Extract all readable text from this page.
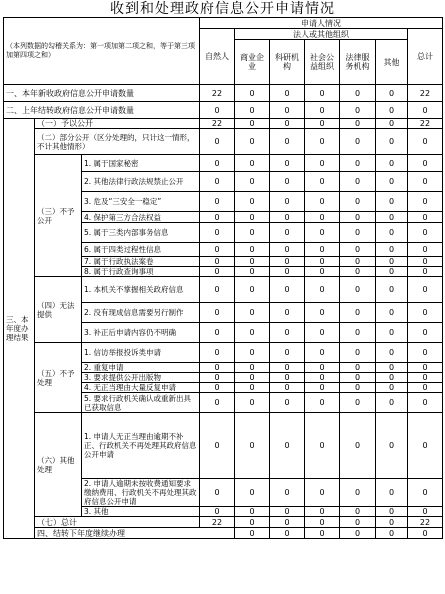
收到和处理政府信息公开申请情况
（本列数据的勾稽关系为：第一项加第二项之和，等于第三项加第四项之和）			申请人情况							
			自然人	法人或其他组织					总计	
				商业企业	科研机构	社会公益组织	法律服务机构	其他		
一、本年新收政府信息公开申请数量			22	0	0	0	0	0	22	
二、上年结转政府信息公开申请数量			0	0	0	0	0	0	0	
三、本年度办理结果	（一）予以公开		22	0	0	0	0	0	22	
	（二）部分公开（区分处理的，只计这一情形，不计其他情形）		0	0	0	0	0	0	0	
	（三）不予公开	1. 属于国家秘密	0	0	0	0	0	0	0	
		2. 其他法律行政法规禁止公开	0	0	0	0	0	0	0	
		3. 危及“三安全一稳定”	0	0	0	0	0	0	0	
		4. 保护第三方合法权益	0	0	0	0	0	0	0	
		5. 属于三类内部事务信息	0	0	0	0	0	0	0	
		6. 属于四类过程性信息	0	0	0	0	0	0	0	
		7. 属于行政执法案卷	0	0	0	0	0	0	0	
		8. 属于行政查询事项	0	0	0	0	0	0	0	
	（四）无法提供	1. 本机关不掌握相关政府信息	0	0	0	0	0	0	0	
		2. 没有现成信息需要另行制作	0	0	0	0	0	0	0	
		3. 补正后申请内容仍不明确	0	0	0	0	0	0	0	
	（五）不予处理	1. 信访举报投诉类申请	0	0	0	0	0	0	0	
		2. 重复申请	0	0	0	0	0	0	0	
		3. 要求提供公开出版物	0	0	0	0	0	0	0	
		4. 无正当理由大量反复申请	0	0	0	0	0	0	0	
		5. 要求行政机关确认或重新出具已获取信息	0	0	0	0	0	0	0	
	（六）其他处理	1. 申请人无正当理由逾期不补正、行政机关不再处理其政府信息公开申请	0	0	0	0	0	0	0	
		2. 申请人逾期未按收费通知要求缴纳费用、行政机关不再处理其政府信息公开申请	0	0	0	0	0	0	0	
		3. 其他	0	0	0	0	0	0	0	
	（七）总计		22	0	0	0	0	0	22	
	四、结转下年度继续办理			0	0	0	0	0	0	
